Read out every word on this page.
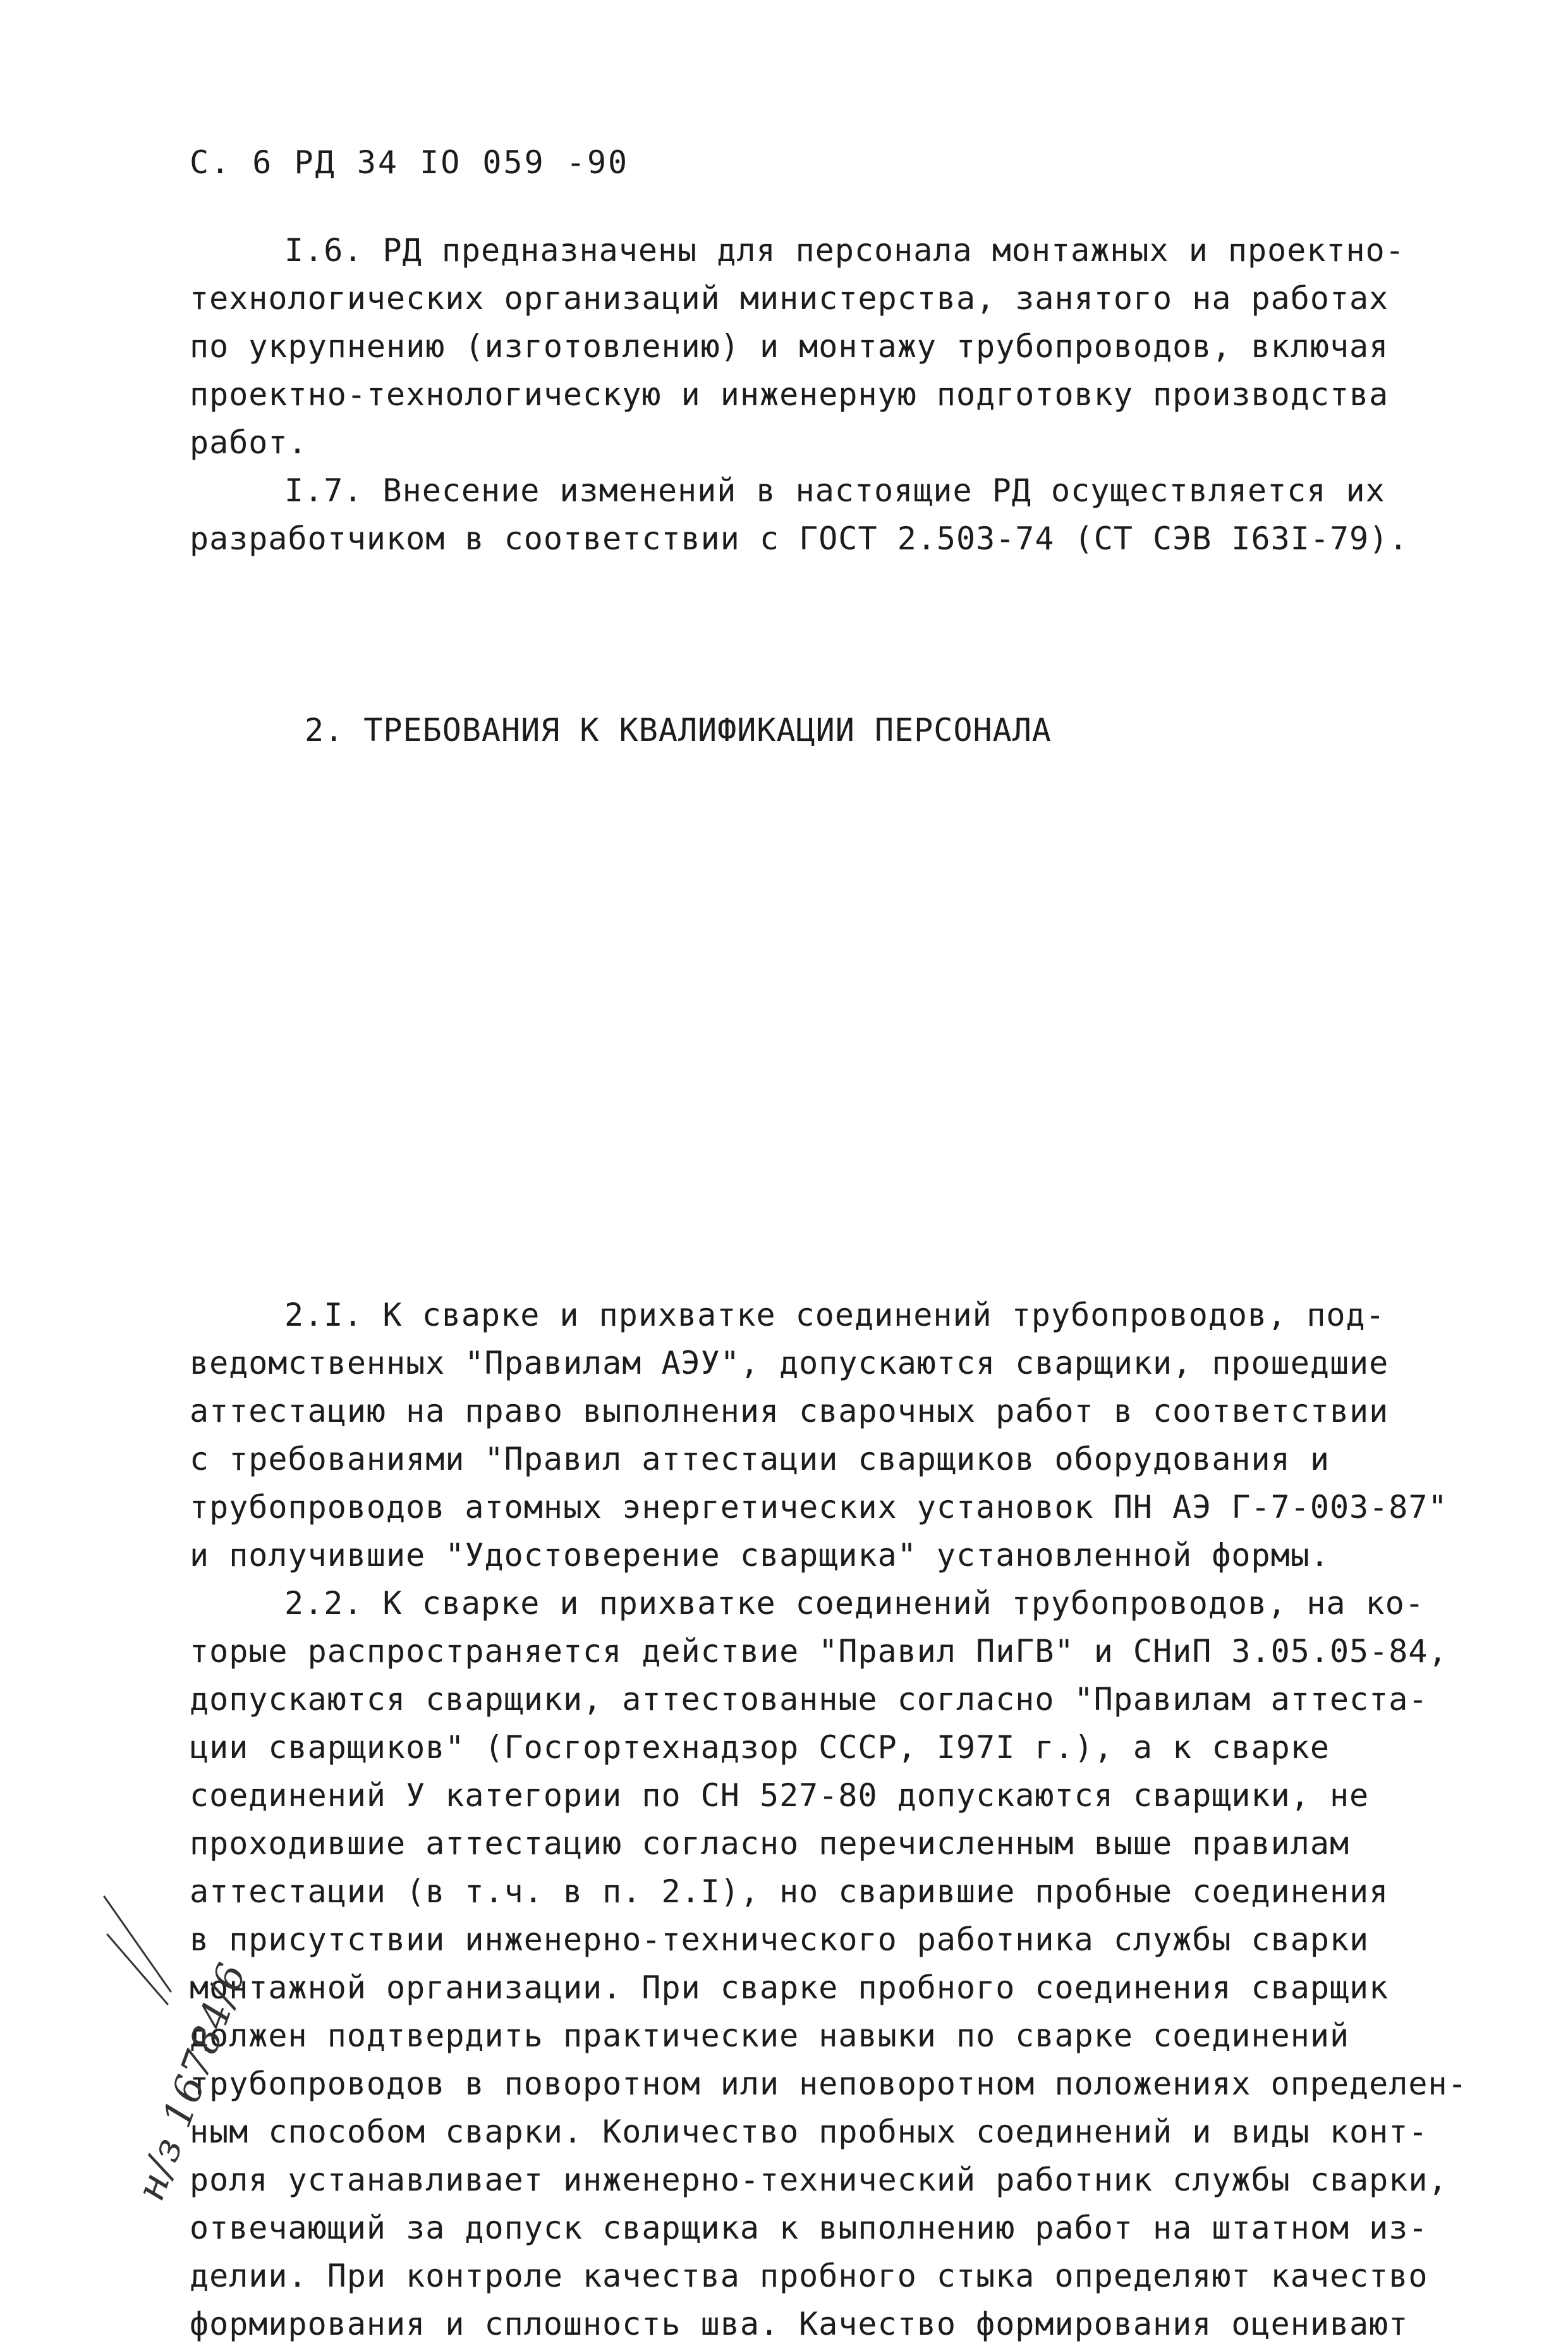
С. 6 РД 34 IO 059 -90
I.6. РД предназначены для персонала монтажных и проектно-
технологических организаций министерства, занятого на работах
по укрупнению (изготовлению) и монтажу трубопроводов, включая
проектно-технологическую и инженерную подготовку производства
работ.
I.7. Внесение изменений в настоящие РД осуществляется их
разработчиком в соответствии с ГОСТ 2.503-74 (СТ СЭВ I63I-79).
2. ТРЕБОВАНИЯ К КВАЛИФИКАЦИИ ПЕРСОНАЛА
2.I. К сварке и прихватке соединений трубопроводов, под-
ведомственных "Правилам АЭУ", допускаются сварщики, прошедшие
аттестацию на право выполнения сварочных работ в соответствии
с требованиями "Правил аттестации сварщиков оборудования и
трубопроводов атомных энергетических установок ПН АЭ Г-7-003-87"
и получившие "Удостоверение сварщика" установленной формы.
2.2. К сварке и прихватке соединений трубопроводов, на ко-
торые распространяется действие "Правил ПиГВ" и СНиП 3.05.05-84,
допускаются сварщики, аттестованные согласно "Правилам аттеста-
ции сварщиков" (Госгортехнадзор СССР, I97I г.), а к сварке
соединений У категории по СН 527-80 допускаются сварщики, не
проходившие аттестацию согласно перечисленным выше правилам
аттестации (в т.ч. в п. 2.I), но сварившие пробные соединения
в присутствии инженерно-технического работника службы сварки
монтажной организации. При сварке пробного соединения сварщик
должен подтвердить практические навыки по сварке соединений
трубопроводов в поворотном или неповоротном положениях определен-
ным способом сварки. Количество пробных соединений и виды конт-
роля устанавливает инженерно-технический работник службы сварки,
отвечающий за допуск сварщика к выполнению работ на штатном из-
делии. При контроле качества пробного стыка определяют качество
формирования и сплошность шва. Качество формирования оценивают
н/з 16784/6
